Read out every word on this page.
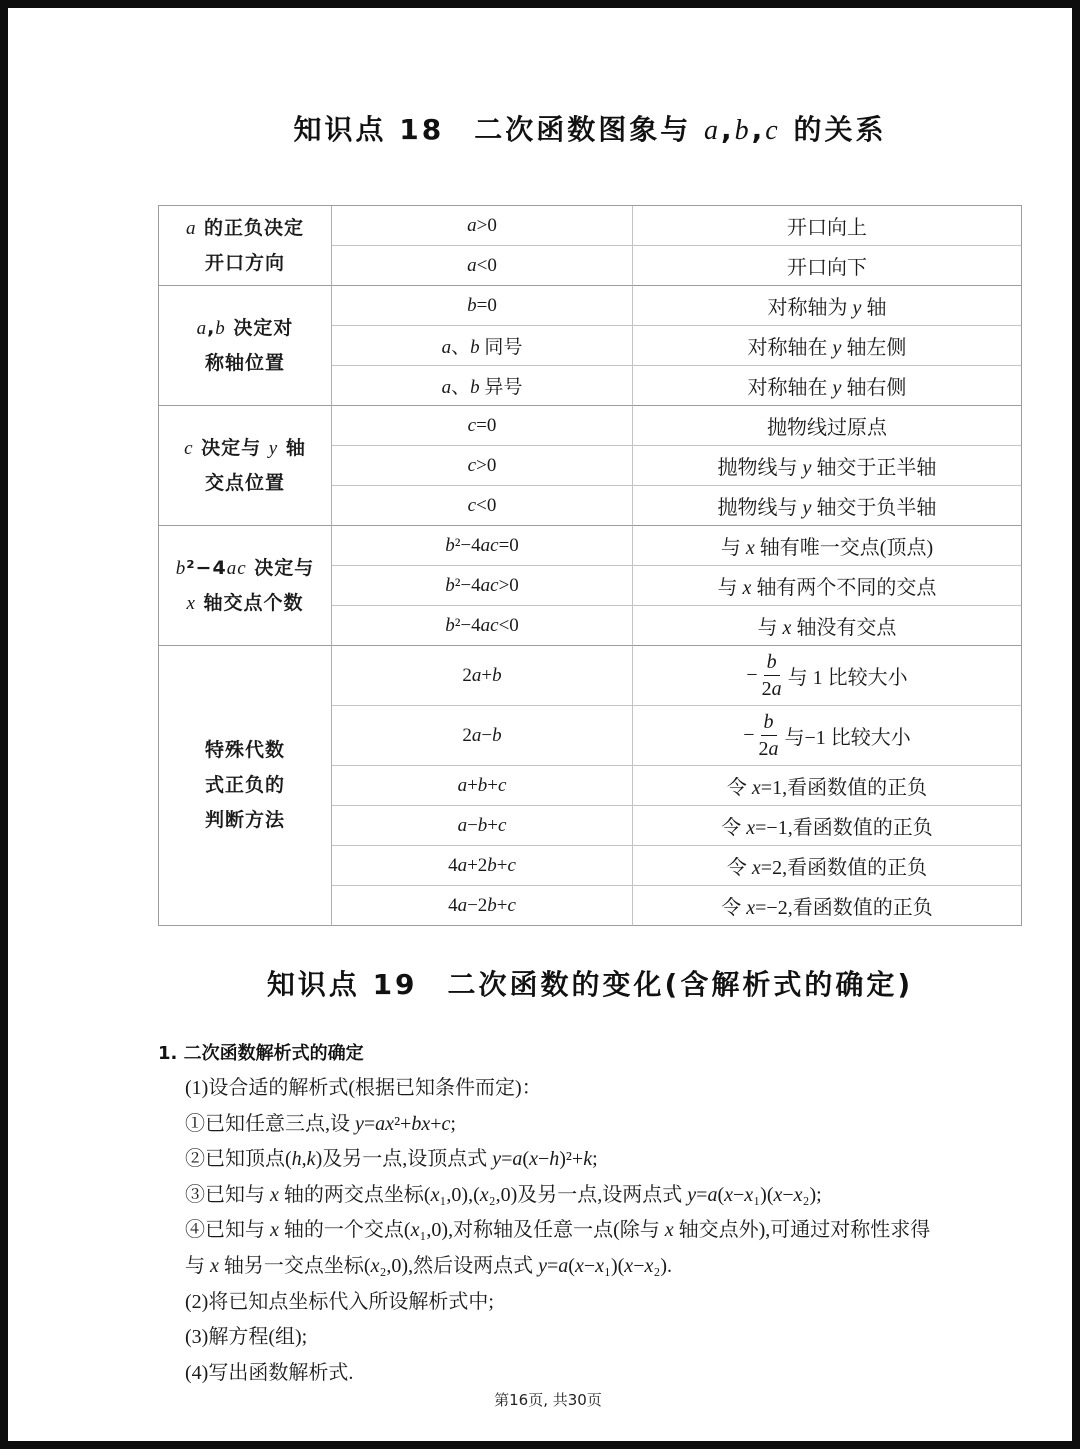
知识点 18 二次函数图象与 a,b,c 的关系
a 的正负决定
开口方向
a>0	开口向上
a<0	开口向下
a,b 决定对
称轴位置
b=0	对称轴为 y 轴
a、b 同号	对称轴在 y 轴左侧
a、b 异号	对称轴在 y 轴右侧
c 决定与 y 轴
交点位置
c=0	抛物线过原点
c>0	抛物线与 y 轴交于正半轴
c<0	抛物线与 y 轴交于负半轴
b²−4ac 决定与
x 轴交点个数
b²−4ac=0	与 x 轴有唯一交点(顶点)
b²−4ac>0	与 x 轴有两个不同的交点
b²−4ac<0	与 x 轴没有交点
特殊代数
式正负的
判断方法
2a+b	− $\frac{b}{2a}$ 与 1 比较大小
2a−b	− $\frac{b}{2a}$ 与−1 比较大小
a+b+c	令 x=1,看函数值的正负
a−b+c	令 x=−1,看函数值的正负
4a+2b+c	令 x=2,看函数值的正负
4a−2b+c	令 x=−2,看函数值的正负
知识点 19 二次函数的变化(含解析式的确定)
1. 二次函数解析式的确定
(1)设合适的解析式(根据已知条件而定)：
①已知任意三点,设 y=ax²+bx+c;
②已知顶点(h,k)及另一点,设顶点式 y=a(x−h)²+k;
③已知与 x 轴的两交点坐标(x₁,0),(x₂,0)及另一点,设两点式 y=a(x−x₁)(x−x₂);
④已知与 x 轴的一个交点(x₁,0),对称轴及任意一点(除与 x 轴交点外),可通过对称性求得
与 x 轴另一交点坐标(x₂,0),然后设两点式 y=a(x−x₁)(x−x₂).
(2)将已知点坐标代入所设解析式中;
(3)解方程(组);
(4)写出函数解析式.
第16页, 共30页
